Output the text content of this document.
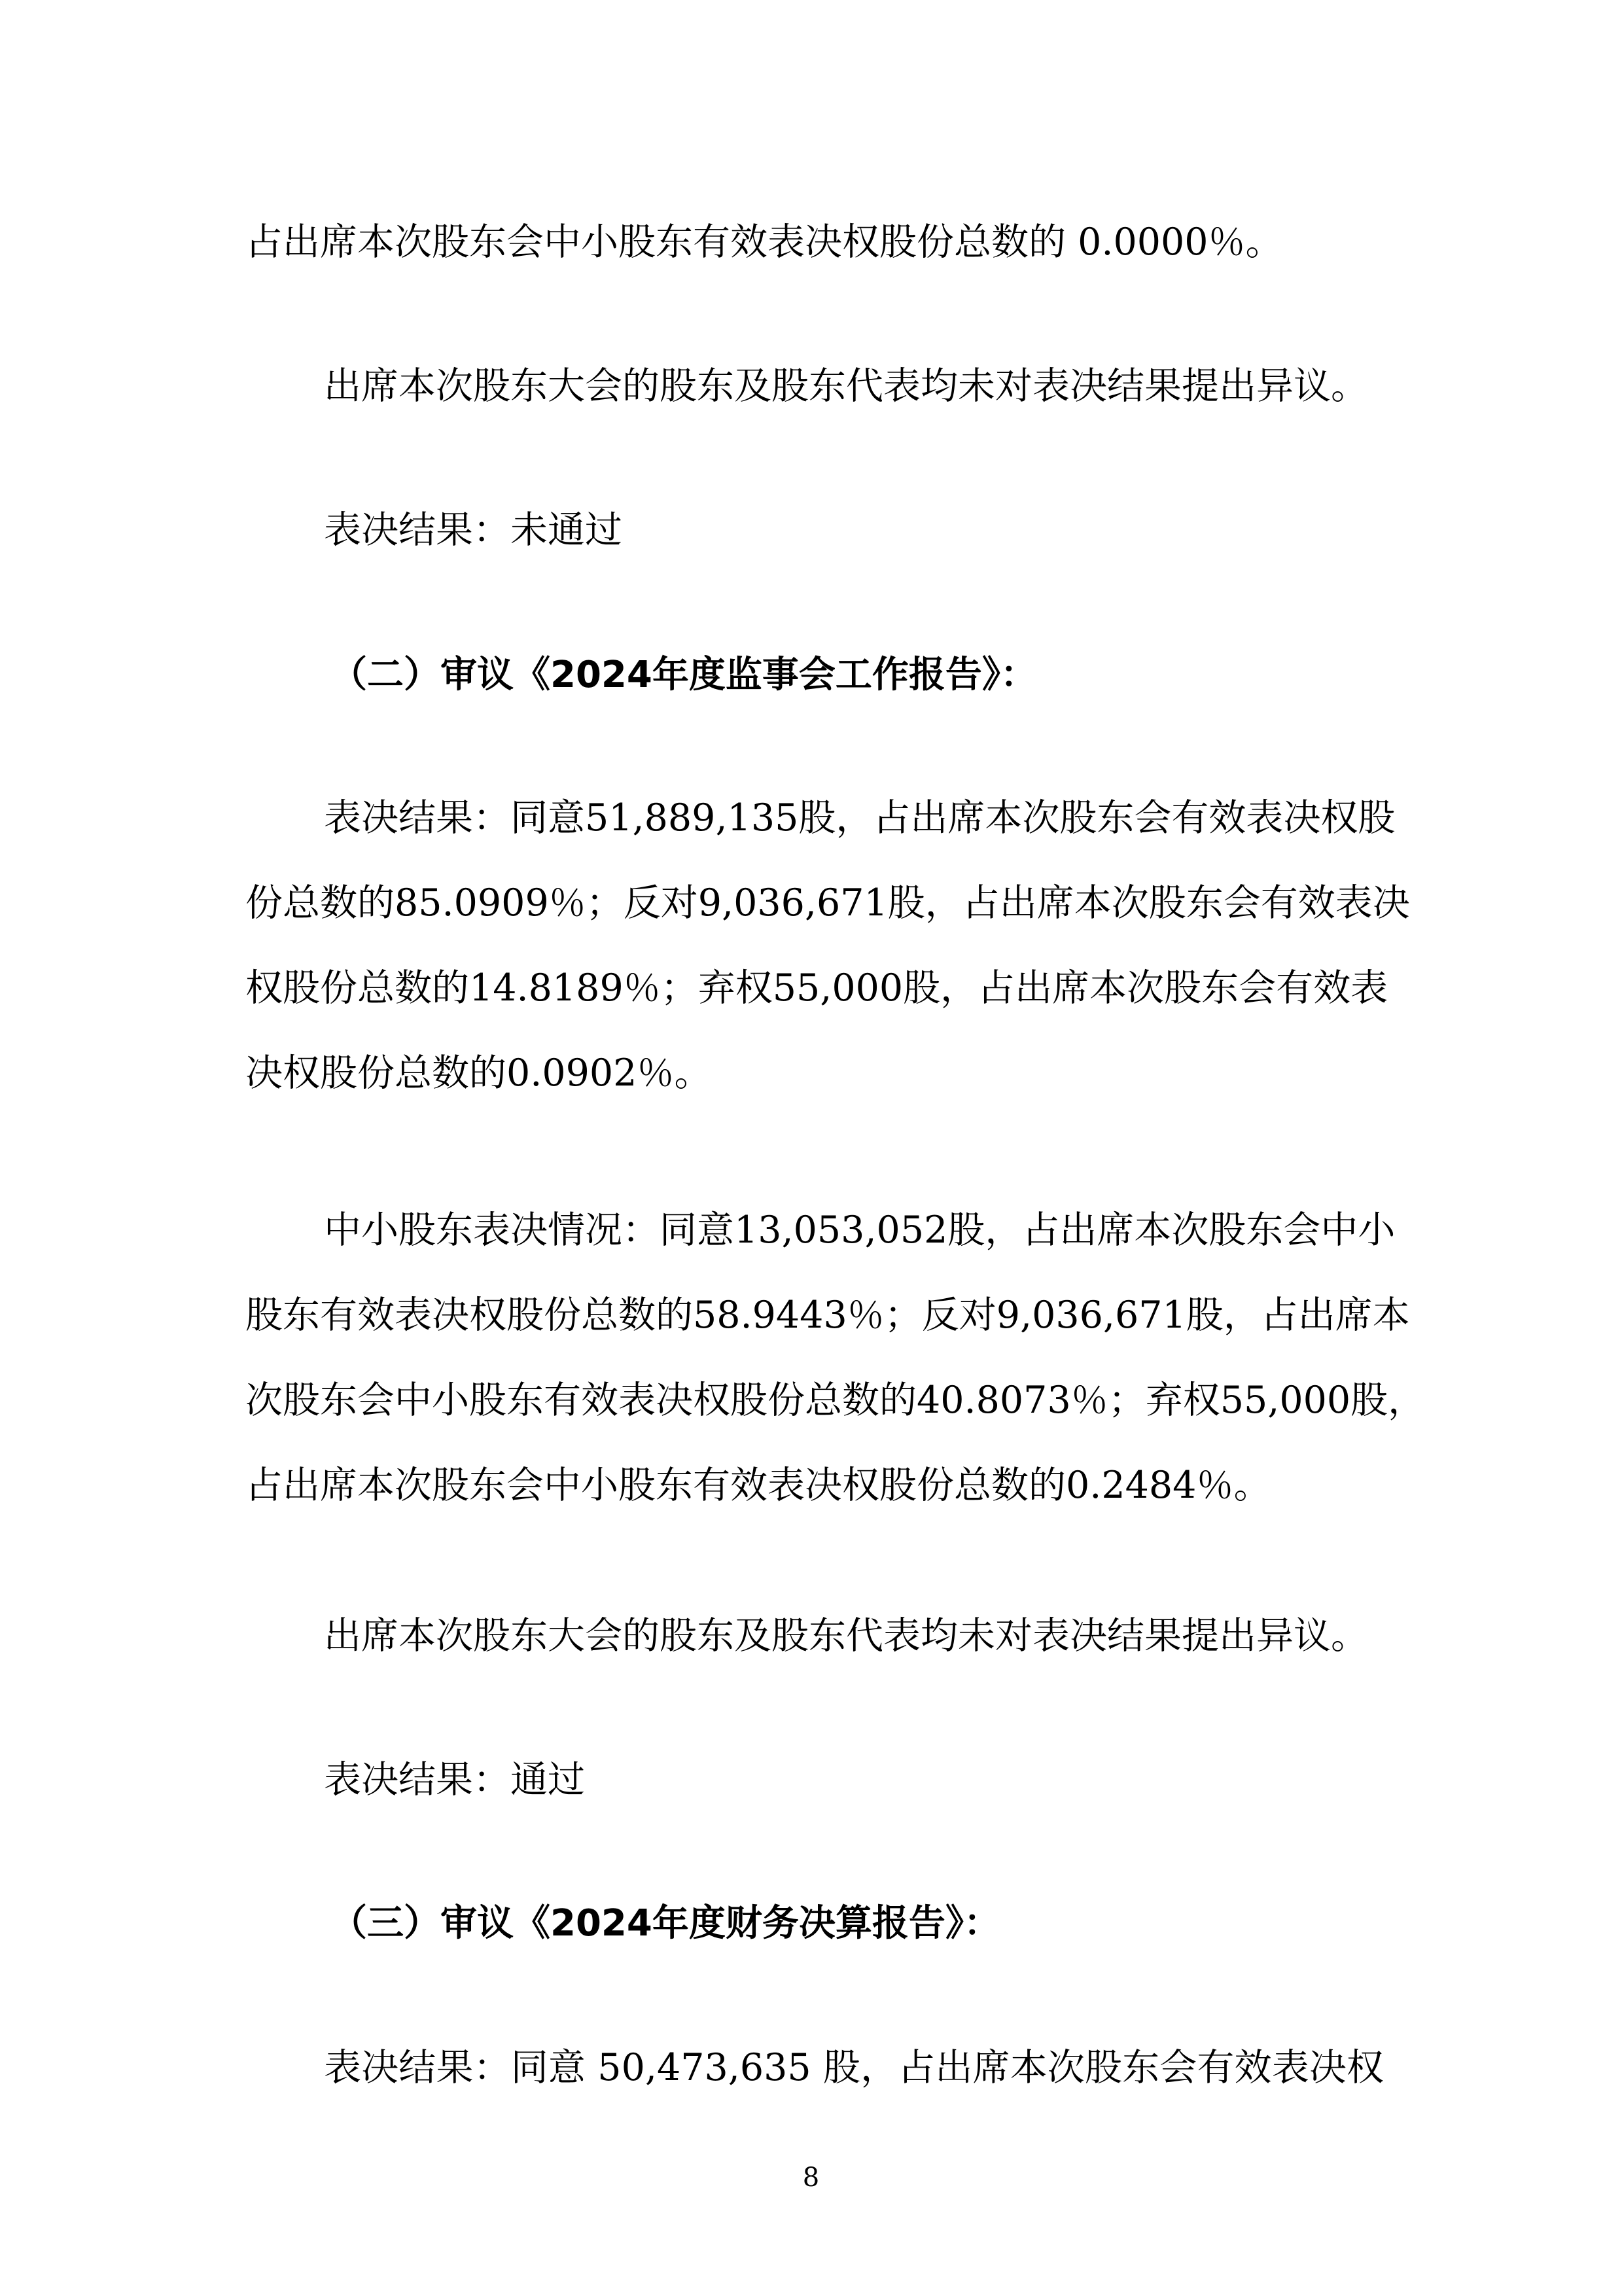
占出席本次股东会中小股东有效表决权股份总数的 0.0000％。
出席本次股东大会的股东及股东代表均未对表决结果提出异议。
表决结果：未通过
（二）审议《2024年度监事会工作报告》：
表决结果：同意51,889,135股，占出席本次股东会有效表决权股
份总数的85.0909％；反对9,036,671股，占出席本次股东会有效表决
权股份总数的14.8189％；弃权55,000股，占出席本次股东会有效表
决权股份总数的0.0902％。
中小股东表决情况：同意13,053,052股，占出席本次股东会中小
股东有效表决权股份总数的58.9443％；反对9,036,671股，占出席本
次股东会中小股东有效表决权股份总数的40.8073％；弃权55,000股，
占出席本次股东会中小股东有效表决权股份总数的0.2484％。
出席本次股东大会的股东及股东代表均未对表决结果提出异议。
表决结果：通过
（三）审议《2024年度财务决算报告》：
表决结果：同意 50,473,635 股，占出席本次股东会有效表决权
8
